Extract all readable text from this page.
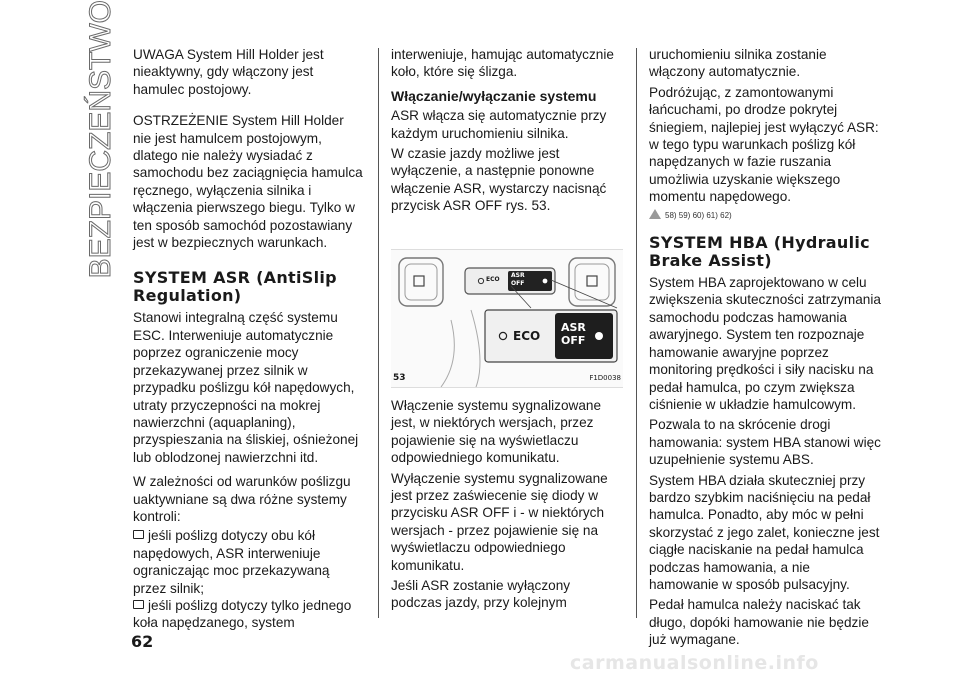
BEZPIECZEŃSTWO UWAGA System Hill Holder jest nieaktywny, gdy włączony jest hamulec postojowy.

OSTRZEŻENIE System Hill Holder nie jest hamulcem postojowym, dlatego nie należy wysiadać z samochodu bez zaciągnięcia hamulca ręcznego, wyłączenia silnika i włączenia pierwszego biegu. Tylko w ten sposób samochód pozostawiany jest w bezpiecznych warunkach.

SYSTEM ASR (AntiSlip Regulation)

Stanowi integralną część systemu ESC. Interweniuje automatycznie poprzez ograniczenie mocy przekazywanej przez silnik w przypadku poślizgu kół napędowych, utraty przyczepności na mokrej nawierzchni (aquaplaning), przyspieszania na śliskiej, ośnieżonej lub oblodzonej nawierzchni itd.

W zależności od warunków poślizgu uaktywniane są dwa różne systemy kontroli:

jeśli poślizg dotyczy obu kół napędowych, ASR interweniuje ograniczając moc przekazywaną przez silnik;
jeśli poślizg dotyczy tylko jednego koła napędzanego, system

interweniuje, hamując automatycznie koło, które się ślizga.

Włączanie/wyłączanie systemu

ASR włącza się automatycznie przy każdym uruchomieniu silnika.

W czasie jazdy możliwe jest wyłączenie, a następnie ponowne włączenie ASR, wystarczy nacisnąć przycisk ASR OFF rys. 53.

ECO
ASR
OFF
ECO
ASR
OFF
53	F1D0038

Włączenie systemu sygnalizowane jest, w niektórych wersjach, przez pojawienie się na wyświetlaczu odpowiedniego komunikatu.

Wyłączenie systemu sygnalizowane jest przez zaświecenie się diody w przycisku ASR OFF i - w niektórych wersjach - przez pojawienie się na wyświetlaczu odpowiedniego komunikatu.

Jeśli ASR zostanie wyłączony podczas jazdy, przy kolejnym

uruchomieniu silnika zostanie włączony automatycznie.

Podróżując, z zamontowanymi łańcuchami, po drodze pokrytej śniegiem, najlepiej jest wyłączyć ASR: w tego typu warunkach poślizg kół napędzanych w fazie ruszania umożliwia uzyskanie większego momentu napędowego.

58) 59) 60) 61) 62)
SYSTEM HBA (Hydraulic Brake Assist)

System HBA zaprojektowano w celu zwiększenia skuteczności zatrzymania samochodu podczas hamowania awaryjnego. System ten rozpoznaje hamowanie awaryjne poprzez monitoring prędkości i siły nacisku na pedał hamulca, po czym zwiększa ciśnienie w układzie hamulcowym.

Pozwala to na skrócenie drogi hamowania: system HBA stanowi więc uzupełnienie systemu ABS.

System HBA działa skuteczniej przy bardzo szybkim naciśnięciu na pedał hamulca. Ponadto, aby móc w pełni skorzystać z jego zalet, konieczne jest ciągłe naciskanie na pedał hamulca podczas hamowania, a nie hamowanie w sposób pulsacyjny.

Pedał hamulca należy naciskać tak długo, dopóki hamowanie nie będzie już wymagane.

62
carmanualsonline.info
